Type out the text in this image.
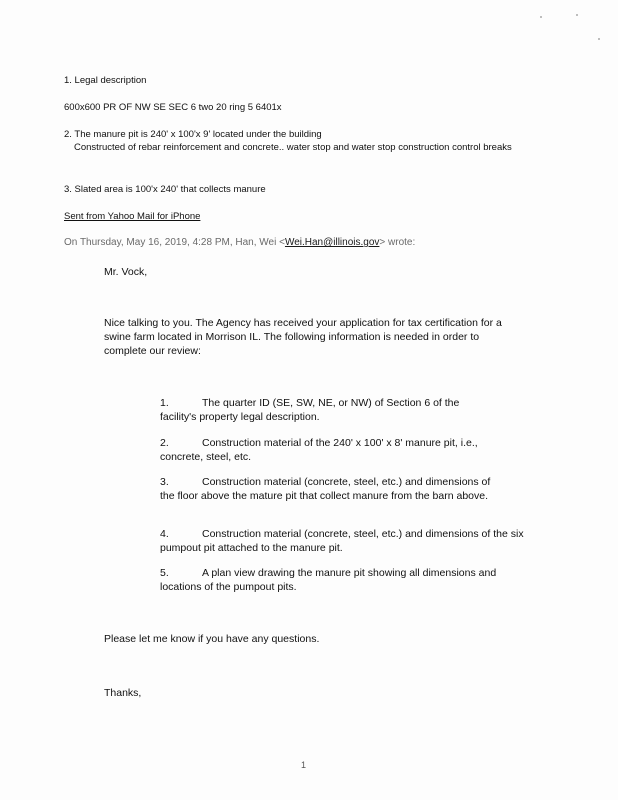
1. Legal description
600x600 PR OF NW SE SEC 6 two 20 ring 5 6401x
2. The manure pit is 240' x 100'x 9' located under the building
Constructed of rebar reinforcement and concrete.. water stop and water stop construction control breaks
3. Slated area is 100'x 240' that collects manure
Sent from Yahoo Mail for iPhone
On Thursday, May 16, 2019, 4:28 PM, Han, Wei <Wei.Han@illinois.gov> wrote:
Mr. Vock,
Nice talking to you. The Agency has received your application for tax certification for a swine farm located in Morrison IL. The following information is needed in order to complete our review:
1.	The quarter ID (SE, SW, NE, or NW) of Section 6 of the facility's property legal description.
2.	Construction material of the 240' x 100' x 8' manure pit, i.e., concrete, steel, etc.
3.	Construction material (concrete, steel, etc.) and dimensions of the floor above the mature pit that collect manure from the barn above.
4.	Construction material (concrete, steel, etc.) and dimensions of the six pumpout pit attached to the manure pit.
5.	A plan view drawing the manure pit showing all dimensions and locations of the pumpout pits.
Please let me know if you have any questions.
Thanks,
1
